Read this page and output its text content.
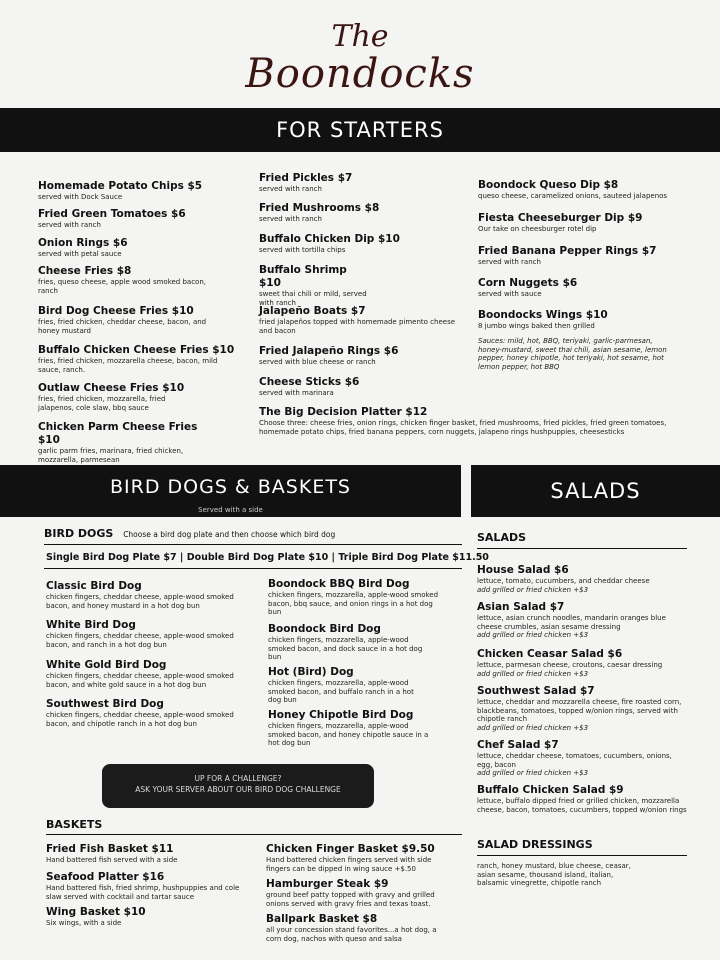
The
Boondocks
FOR STARTERS
Homemade Potato Chips $5
served with Dock Sauce
Fried Green Tomatoes $6
served with ranch
Onion Rings $6
served with petal sauce
Cheese Fries $8
fries, queso cheese, apple wood smoked bacon, ranch
Bird Dog Cheese Fries $10
fries, fried chicken, cheddar cheese, bacon, and honey mustard
Buffalo Chicken Cheese Fries $10
fries, fried chicken, mozzarella cheese, bacon, mild sauce, ranch.
Outlaw Cheese Fries $10
fries, fried chicken, mozzarella, fried jalapenos, cole slaw, bbq sauce
Chicken Parm Cheese Fries $10
garlic parm fries, marinara, fried chicken, mozzarella, parmesean
Fried Pickles $7
served with ranch
Fried Mushrooms $8
served with ranch
Buffalo Chicken Dip $10
served with tortilla chips
Buffalo Shrimp $10
sweet thai chili or mild, served with ranch
Jalapeño Boats $7
fried jalapeños topped with homemade pimento cheese and bacon
Fried Jalapeño Rings $6
served with blue cheese or ranch
Cheese Sticks $6
served with marinara
Boondock Queso Dip $8
queso cheese, caramelized onions, sauteed jalapenos
Fiesta Cheeseburger Dip $9
Our take on cheesburger rotel dip
Fried Banana Pepper Rings $7
served with ranch
Corn Nuggets $6
served with sauce
Boondocks Wings $10
8 jumbo wings baked then grilled
Sauces: mild, hot, BBQ, teriyaki, garlic-parmesan, honey-mustard, sweet thai chili, asian sesame, lemon pepper, honey chipotle, hot teriyaki, hot sesame, hot lemon pepper, hot BBQ
The Big Decision Platter $12
Choose three: cheese fries, onion rings, chicken finger basket, fried mushrooms, fried pickles, fried green tomatoes, homemade potato chips, fried banana peppers, corn nuggets, jalapeno rings hushpuppies, cheesesticks
BIRD DOGS & BASKETS
Served with a side
SALADS
BIRD DOGS Choose a bird dog plate and then choose which bird dog
Single Bird Dog Plate $7 | Double Bird Dog Plate $10 | Triple Bird Dog Plate $11.50
Classic Bird Dog
chicken fingers, cheddar cheese, apple-wood smoked bacon, and honey mustard in a hot dog bun
White Bird Dog
chicken fingers, cheddar cheese, apple-wood smoked bacon, and ranch in a hot dog bun
White Gold Bird Dog
chicken fingers, cheddar cheese, apple-wood smoked bacon, and white gold sauce in a hot dog bun
Southwest Bird Dog
chicken fingers, cheddar cheese, apple-wood smoked bacon, and chipotle ranch in a hot dog bun
Boondock BBQ Bird Dog
chicken fingers, mozzarella, apple-wood smoked bacon, bbq sauce, and onion rings in a hot dog bun
Boondock Bird Dog
chicken fingers, mozzarella, apple-wood smoked bacon, and dock sauce in a hot dog bun
Hot (Bird) Dog
chicken fingers, mozzarella, apple-wood smoked bacon, and buffalo ranch in a hot dog bun
Honey Chipotle Bird Dog
chicken fingers, mozzarella, apple-wood smoked bacon, and honey chipotle sauce in a hot dog bun
UP FOR A CHALLENGE?
ASK YOUR SERVER ABOUT OUR BIRD DOG CHALLENGE
BASKETS
Fried Fish Basket $11
Hand battered fish served with a side
Seafood Platter $16
Hand battered fish, fried shrimp, hushpuppies and cole slaw served with cocktail and tartar sauce
Wing Basket $10
Six wings, with a side
Chicken Finger Basket $9.50
Hand battered chicken fingers served with side fingers can be dipped in wing sauce +$.50
Hamburger Steak $9
ground beef patty topped with gravy and grilled onions served with gravy fries and texas toast.
Ballpark Basket $8
all your concession stand favorites...a hot dog, a corn dog, nachos with queso and salsa
SALADS
House Salad $6
lettuce, tomato, cucumbers, and cheddar cheese
add grilled or fried chicken +$3
Asian Salad $7
lettuce, asian crunch noodles, mandarin oranges blue cheese crumbles, asian sesame dressing
add grilled or fried chicken +$3
Chicken Ceasar Salad $6
lettuce, parmesan cheese, croutons, caesar dressing
add grilled or fried chicken +$3
Southwest Salad $7
lettuce, cheddar and mozzarella cheese, fire roasted corn, blackbeans, tomatoes, topped w/onion rings, served with chipotle ranch
add grilled or fried chicken +$3
Chef Salad $7
lettuce, cheddar cheese, tomatoes, cucumbers, onions, egg, bacon
add grilled or fried chicken +$3
Buffalo Chicken Salad $9
lettuce, buffalo dipped fried or grilled chicken, mozzarella cheese, bacon, tomatoes, cucumbers, topped w/onion rings
SALAD DRESSINGS
ranch, honey mustard, blue cheese, ceasar, asian sesame, thousand island, italian, balsamic vinegrette, chipotle ranch
